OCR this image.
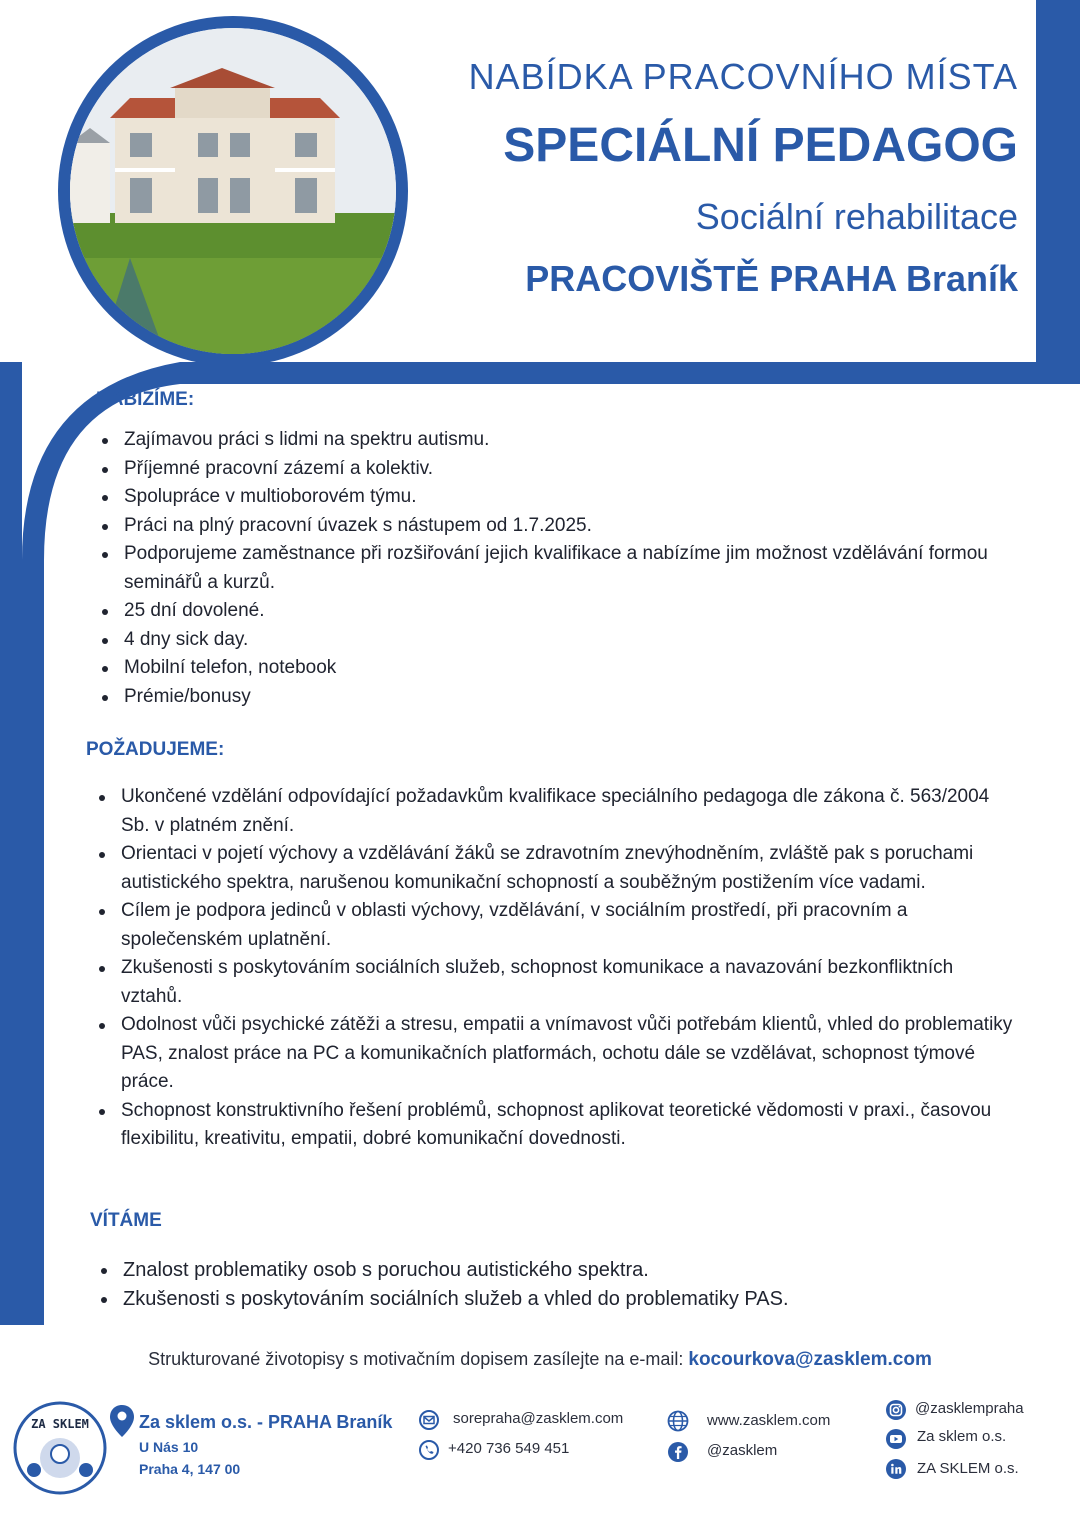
NABÍDKA PRACOVNÍHO MÍSTA
SPECIÁLNÍ PEDAGOG
Sociální rehabilitace
PRACOVIŠTĚ PRAHA Braník
NABÍZÍME:
Zajímavou práci s lidmi na spektru autismu.
Příjemné pracovní zázemí a kolektiv.
Spolupráce v multioborovém týmu.
Práci na plný pracovní úvazek s nástupem od 1.7.2025.
Podporujeme zaměstnance při rozšiřování jejich kvalifikace a nabízíme jim možnost vzdělávání formou seminářů a kurzů.
25 dní dovolené.
4 dny sick day.
Mobilní telefon, notebook
Prémie/bonusy
POŽADUJEME:
Ukončené vzdělání odpovídající požadavkům kvalifikace speciálního pedagoga dle zákona č. 563/2004 Sb. v platném znění.
Orientaci v pojetí výchovy a vzdělávání žáků se zdravotním znevýhodněním, zvláště pak s poruchami autistického spektra, narušenou komunikační schopností a souběžným postižením více vadami.
Cílem je podpora jedinců v oblasti výchovy, vzdělávání, v sociálním prostředí, při pracovním a společenském uplatnění.
Zkušenosti s poskytováním sociálních služeb, schopnost komunikace a navazování bezkonfliktních vztahů.
Odolnost vůči psychické zátěži a stresu, empatii a vnímavost vůči potřebám klientů, vhled do problematiky PAS, znalost práce na PC a komunikačních platformách, ochotu dále se vzdělávat, schopnost týmové práce.
Schopnost konstruktivního řešení problémů, schopnost aplikovat teoretické vědomosti v praxi., časovou flexibilitu, kreativitu, empatii, dobré komunikační dovednosti.
VÍTÁME
Znalost problematiky osob s poruchou autistického spektra.
Zkušenosti s poskytováním sociálních služeb a vhled do problematiky PAS.
Strukturované životopisy s motivačním dopisem zasílejte na e-mail: kocourkova@zasklem.com
ZA SKLEM	Za sklem o.s. - PRAHA Braník
U Nás 10
Praha 4, 147 00
sorepraha@zasklem.com
+420 736 549 451
www.zasklem.com
@zasklem
@zasklempraha
Za sklem o.s.
ZA SKLEM o.s.
